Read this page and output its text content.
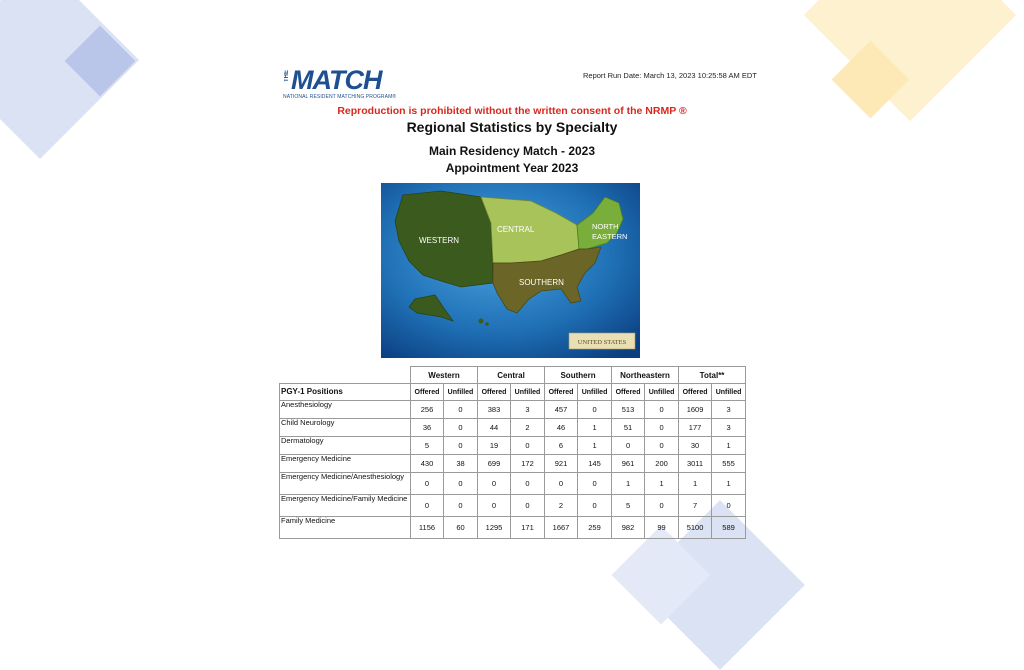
THE MATCH
NATIONAL RESIDENT MATCHING PROGRAM®
Report Run Date: March 13, 2023 10:25:58 AM EDT
Reproduction is prohibited without the written consent of the NRMP ®
Regional Statistics by Specialty
Main Residency Match - 2023
Appointment Year 2023
WESTERN
CENTRAL	NORTH
EASTERN
SOUTHERN
UNITED STATES
	Western		Central		Southern		Northeastern		Total**	
PGY-1 Positions	Offered	Unfilled	Offered	Unfilled	Offered	Unfilled	Offered	Unfilled	Offered	Unfilled
Anesthesiology	256	0	383	3	457	0	513	0	1609	3
Child Neurology	36	0	44	2	46	1	51	0	177	3
Dermatology	5	0	19	0	6	1	0	0	30	1
Emergency Medicine	430	38	699	172	921	145	961	200	3011	555
Emergency Medicine/Anesthesiology	0	0	0	0	0	0	1	1	1	1
Emergency Medicine/Family Medicine	0	0	0	0	2	0	5	0	7	0
Family Medicine	1156	60	1295	171	1667	259	982	99	5100	589
